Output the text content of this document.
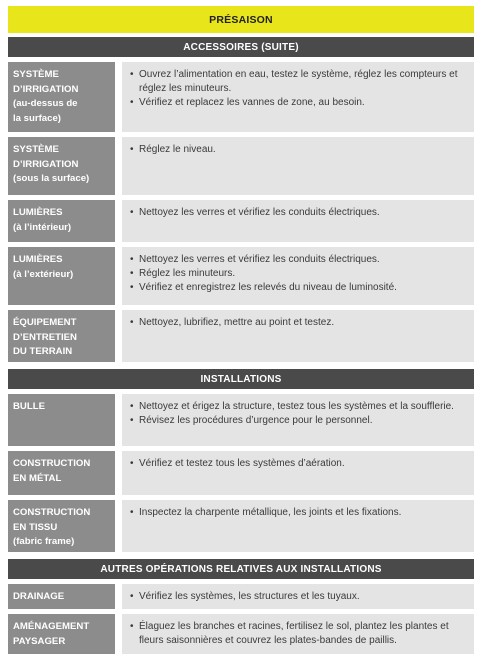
PRÉSAISON
ACCESSOIRES (SUITE)
SYSTÈME
D’IRRIGATION
(au-dessus de
la surface)
• Ouvrez l’alimentation en eau, testez le système, réglez les compteurs et réglez les minuteurs.
• Vérifiez et replacez les vannes de zone, au besoin.
SYSTÈME
D’IRRIGATION
(sous la surface)
• Réglez le niveau.
LUMIÈRES
(à l’intérieur)
• Nettoyez les verres et vérifiez les conduits électriques.
LUMIÈRES
(à l’extérieur)
• Nettoyez les verres et vérifiez les conduits électriques.
• Réglez les minuteurs.
• Vérifiez et enregistrez les relevés du niveau de luminosité.
ÉQUIPEMENT
D’ENTRETIEN
DU TERRAIN
• Nettoyez, lubrifiez, mettre au point et testez.
INSTALLATIONS
BULLE	• Nettoyez et érigez la structure, testez tous les systèmes et la soufflerie.
• Révisez les procédures d’urgence pour le personnel.
CONSTRUCTION
EN MÉTAL
• Vérifiez et testez tous les systèmes d’aération.
CONSTRUCTION
EN TISSU
(fabric frame)
• Inspectez la charpente métallique, les joints et les fixations.
AUTRES OPÉRATIONS RELATIVES AUX INSTALLATIONS
DRAINAGE	• Vérifiez les systèmes, les structures et les tuyaux.
AMÉNAGEMENT
PAYSAGER
• Élaguez les branches et racines, fertilisez le sol, plantez les plantes et fleurs saisonnières et couvrez les plates-bandes de paillis.
